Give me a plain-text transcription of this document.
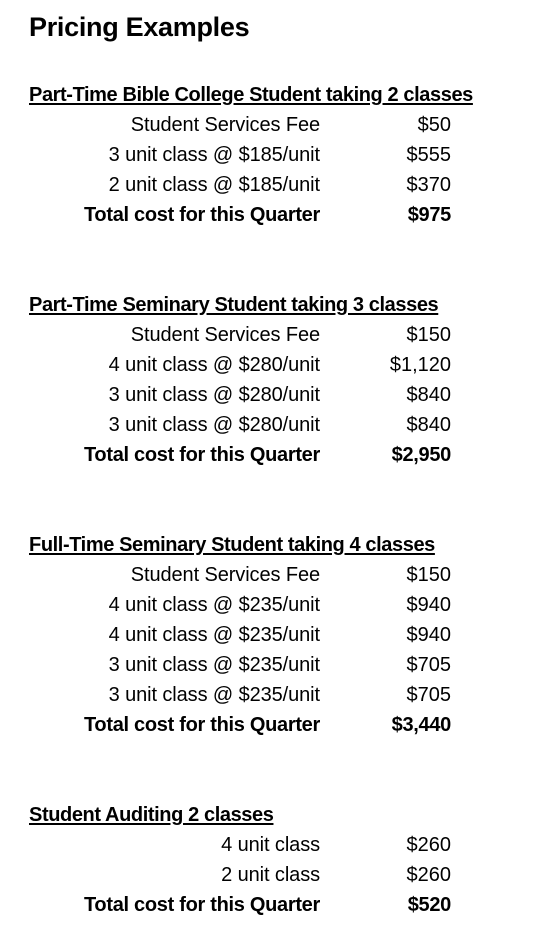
Pricing Examples
Part-Time Bible College Student taking 2 classes
Student Services Fee	$50
3 unit class @ $185/unit	$555
2 unit class @ $185/unit	$370
Total cost for this Quarter	$975
Part-Time Seminary Student taking 3 classes
Student Services Fee	$150
4 unit class @ $280/unit	$1,120
3 unit class @ $280/unit	$840
3 unit class @ $280/unit	$840
Total cost for this Quarter	$2,950
Full-Time Seminary Student taking 4 classes
Student Services Fee	$150
4 unit class @ $235/unit	$940
4 unit class @ $235/unit	$940
3 unit class @ $235/unit	$705
3 unit class @ $235/unit	$705
Total cost for this Quarter	$3,440
Student Auditing 2 classes
4 unit class	$260
2 unit class	$260
Total cost for this Quarter	$520
